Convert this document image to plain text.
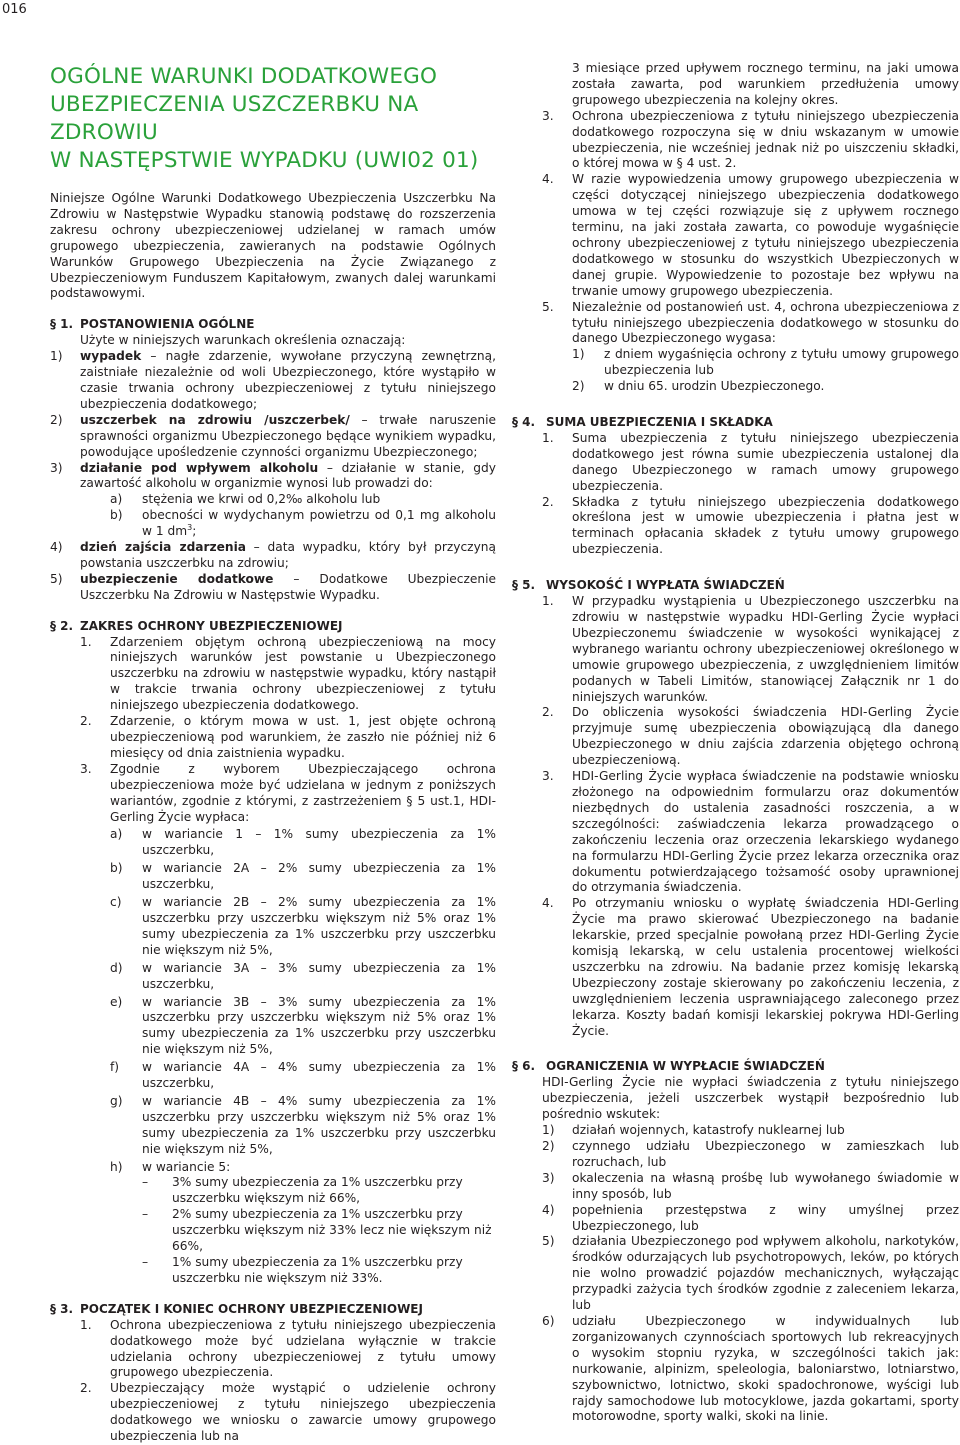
016
OGÓLNE WARUNKI DODATKOWEGO
UBEZPIECZENIA USZCZERBKU NA ZDROWIU
W NASTĘPSTWIE WYPADKU (UWI02 01)

Niniejsze Ogólne Warunki Dodatkowego Ubezpieczenia Uszczerbku Na Zdrowiu w Następstwie Wypadku stanowią podstawę do rozszerzenia zakresu ochrony ubezpieczeniowej udzielanej w ramach umów grupowego ubezpieczenia, zawieranych na podstawie Ogólnych Warunków Grupowego Ubezpieczenia na Życie Związanego z Ubezpieczeniowym Funduszem Kapitałowym, zwanych dalej warunkami podstawowymi.

§ 1. POSTANOWIENIA OGÓLNE
Użyte w niniejszych warunkach określenia oznaczają:
1)	wypadek – nagłe zdarzenie, wywołane przyczyną zewnętrzną, zaistniałe niezależnie od woli Ubezpieczonego, które wystąpiło w czasie trwania ochrony ubezpieczeniowej z tytułu niniejszego ubezpieczenia dodatkowego;
2)	uszczerbek na zdrowiu /uszczerbek/ – trwałe naruszenie sprawności organizmu Ubezpieczonego będące wynikiem wypadku, powodujące upośledzenie czynności organizmu Ubezpieczonego;
3)	działanie pod wpływem alkoholu – działanie w stanie, gdy zawartość alkoholu w organizmie wynosi lub prowadzi do:
a)	stężenia we krwi od 0,2‰ alkoholu lub
b)	obecności w wydychanym powietrzu od 0,1 mg alkoholu w 1 $dm^3$;
4)	dzień zajścia zdarzenia – data wypadku, który był przyczyną powstania uszczerbku na zdrowiu;
5)	ubezpieczenie dodatkowe – Dodatkowe Ubezpieczenie Uszczerbku Na Zdrowiu w Następstwie Wypadku.
§ 2. ZAKRES OCHRONY UBEZPIECZENIOWEJ
1.	Zdarzeniem objętym ochroną ubezpieczeniową na mocy niniejszych warunków jest powstanie u Ubezpieczonego uszczerbku na zdrowiu w następstwie wypadku, który nastąpił w trakcie trwania ochrony ubezpieczeniowej z tytułu niniejszego ubezpieczenia dodatkowego.
2.	Zdarzenie, o którym mowa w ust. 1, jest objęte ochroną ubezpieczeniową pod warunkiem, że zaszło nie później niż 6 miesięcy od dnia zaistnienia wypadku.
3.	Zgodnie z wyborem Ubezpieczającego ochrona ubezpieczeniowa może być udzielana w jednym z poniższych wariantów, zgodnie z którymi, z zastrzeżeniem § 5 ust.1, HDI-Gerling Życie wypłaca:
a)	w wariancie 1 – 1% sumy ubezpieczenia za 1% uszczerbku,
b)	w wariancie 2A – 2% sumy ubezpieczenia za 1% uszczerbku,
c)	w wariancie 2B – 2% sumy ubezpieczenia za 1% uszczerbku przy uszczerbku większym niż 5% oraz 1% sumy ubezpieczenia za 1% uszczerbku przy uszczerbku nie większym niż 5%,
d)	w wariancie 3A – 3% sumy ubezpieczenia za 1% uszczerbku,
e)	w wariancie 3B – 3% sumy ubezpieczenia za 1% uszczerbku przy uszczerbku większym niż 5% oraz 1% sumy ubezpieczenia za 1% uszczerbku przy uszczerbku nie większym niż 5%,
f)	w wariancie 4A – 4% sumy ubezpieczenia za 1% uszczerbku,
g)	w wariancie 4B – 4% sumy ubezpieczenia za 1% uszczerbku przy uszczerbku większym niż 5% oraz 1% sumy ubezpieczenia za 1% uszczerbku przy uszczerbku nie większym niż 5%,
h)	w wariancie 5:
–	3% sumy ubezpieczenia za 1% uszczerbku przy uszczerbku większym niż 66%,
–	2% sumy ubezpieczenia za 1% uszczerbku przy uszczerbku większym niż 33% lecz nie większym niż 66%,
–	1% sumy ubezpieczenia za 1% uszczerbku przy uszczerbku nie większym niż 33%.
§ 3. POCZĄTEK I KONIEC OCHRONY UBEZPIECZENIOWEJ
1.	Ochrona ubezpieczeniowa z tytułu niniejszego ubezpieczenia dodatkowego może być udzielana wyłącznie w trakcie udzielania ochrony ubezpieczeniowej z tytułu umowy grupowego ubezpieczenia.
2.	Ubezpieczający może wystąpić o udzielenie ochrony ubezpieczeniowej z tytułu niniejszego ubezpieczenia dodatkowego we wniosku o zawarcie umowy grupowego ubezpieczenia lub na
3 miesiące przed upływem rocznego terminu, na jaki umowa została zawarta, pod warunkiem przedłużenia umowy grupowego ubezpieczenia na kolejny okres.
3.	Ochrona ubezpieczeniowa z tytułu niniejszego ubezpieczenia dodatkowego rozpoczyna się w dniu wskazanym w umowie ubezpieczenia, nie wcześniej jednak niż po uiszczeniu składki, o której mowa w § 4 ust. 2.
4.	W razie wypowiedzenia umowy grupowego ubezpieczenia w części dotyczącej niniejszego ubezpieczenia dodatkowego umowa w tej części rozwiązuje się z upływem rocznego terminu, na jaki została zawarta, co powoduje wygaśnięcie ochrony ubezpieczeniowej z tytułu niniejszego ubezpieczenia dodatkowego w stosunku do wszystkich Ubezpieczonych w danej grupie. Wypowiedzenie to pozostaje bez wpływu na trwanie umowy grupowego ubezpieczenia.
5.	Niezależnie od postanowień ust. 4, ochrona ubezpieczeniowa z tytułu niniejszego ubezpieczenia dodatkowego w stosunku do danego Ubezpieczonego wygasa:
1)	z dniem wygaśnięcia ochrony z tytułu umowy grupowego ubezpieczenia lub
2)	w dniu 65. urodzin Ubezpieczonego.
§ 4. SUMA UBEZPIECZENIA I SKŁADKA
1.	Suma ubezpieczenia z tytułu niniejszego ubezpieczenia dodatkowego jest równa sumie ubezpieczenia ustalonej dla danego Ubezpieczonego w ramach umowy grupowego ubezpieczenia.
2.	Składka z tytułu niniejszego ubezpieczenia dodatkowego określona jest w umowie ubezpieczenia i płatna jest w terminach opłacania składek z tytułu umowy grupowego ubezpieczenia.
§ 5. WYSOKOŚĆ I WYPŁATA ŚWIADCZEŃ
1.	W przypadku wystąpienia u Ubezpieczonego uszczerbku na zdrowiu w następstwie wypadku HDI-Gerling Życie wypłaci Ubezpieczonemu świadczenie w wysokości wynikającej z wybranego wariantu ochrony ubezpieczeniowej określonego w umowie grupowego ubezpieczenia, z uwzględnieniem limitów podanych w Tabeli Limitów, stanowiącej Załącznik nr 1 do niniejszych warunków.
2.	Do obliczenia wysokości świadczenia HDI-Gerling Życie przyjmuje sumę ubezpieczenia obowiązującą dla danego Ubezpieczonego w dniu zajścia zdarzenia objętego ochroną ubezpieczeniową.
3.	HDI-Gerling Życie wypłaca świadczenie na podstawie wniosku złożonego na odpowiednim formularzu oraz dokumentów niezbędnych do ustalenia zasadności roszczenia, a w szczególności: zaświadczenia lekarza prowadzącego o zakończeniu leczenia oraz orzeczenia lekarskiego wydanego na formularzu HDI-Gerling Życie przez lekarza orzecznika oraz dokumentu potwierdzającego tożsamość osoby uprawnionej do otrzymania świadczenia.
4.	Po otrzymaniu wniosku o wypłatę świadczenia HDI-Gerling Życie ma prawo skierować Ubezpieczonego na badanie lekarskie, przed specjalnie powołaną przez HDI-Gerling Życie komisją lekarską, w celu ustalenia procentowej wielkości uszczerbku na zdrowiu. Na badanie przez komisję lekarską Ubezpieczony zostaje skierowany po zakończeniu leczenia, z uwzględnieniem leczenia usprawniającego zaleconego przez lekarza. Koszty badań komisji lekarskiej pokrywa HDI-Gerling Życie.
§ 6. OGRANICZENIA W WYPŁACIE ŚWIADCZEŃ
HDI-Gerling Życie nie wypłaci świadczenia z tytułu niniejszego ubezpieczenia, jeżeli uszczerbek wystąpił bezpośrednio lub pośrednio wskutek:
1)	działań wojennych, katastrofy nuklearnej lub
2)	czynnego udziału Ubezpieczonego w zamieszkach lub rozruchach, lub
3)	okaleczenia na własną prośbę lub wywołanego świadomie w inny sposób, lub
4)	popełnienia przestępstwa z winy umyślnej przez Ubezpieczonego, lub
5)	działania Ubezpieczonego pod wpływem alkoholu, narkotyków, środków odurzających lub psychotropowych, leków, po których nie wolno prowadzić pojazdów mechanicznych, wyłączając przypadki zażycia tych środków zgodnie z zaleceniem lekarza, lub
6)	udziału Ubezpieczonego w indywidualnych lub zorganizowanych czynnościach sportowych lub rekreacyjnych o wysokim stopniu ryzyka, w szczególności takich jak: nurkowanie, alpinizm, speleologia, baloniarstwo, lotniarstwo, szybownictwo, lotnictwo, skoki spadochronowe, wyścigi lub rajdy samochodowe lub motocyklowe, jazda gokartami, sporty motorowodne, sporty walki, skoki na linie.
